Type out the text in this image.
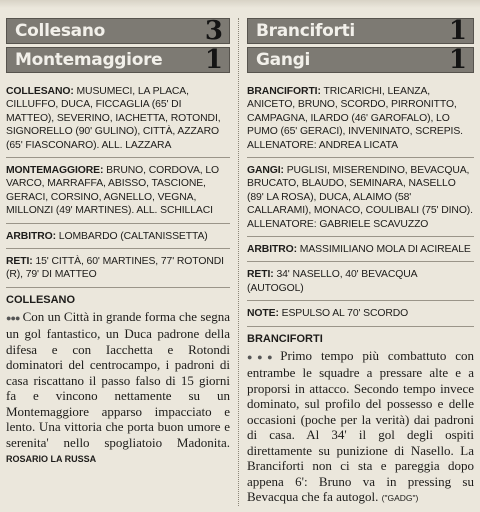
Collesano	3
Montemaggiore 1
COLLESANO: MUSUMECI, LA PLACA, CILLUFFO, DUCA, FICCAGLIA (65' DI MATTEO), SEVERINO, IACHETTA, ROTONDI, SIGNORELLO (90' GULINO), CITTÀ, AZZARO (65' FIASCONARO). ALL. LAZZARA
MONTEMAGGIORE: BRUNO, CORDOVA, LO VARCO, MARRAFFA, ABISSO, TASCIONE, GERACI, CORSINO, AGNELLO, VEGNA, MILLONZI (49' MARTINES). ALL. SCHILLACI
ARBITRO: LOMBARDO (CALTANISSETTA)
RETI: 15' CITTÀ, 60' MARTINES, 77' ROTONDI (R), 79' DI MATTEO
COLLESANO
●●● Con un Città in grande forma che segna un gol fantastico, un Duca padrone della difesa e con Iacchetta e Rotondi dominatori del centrocampo, i padroni di casa riscattano il passo falso di 15 giorni fa e vincono nettamente su un Montemaggiore apparso impacciato e lento. Una vittoria che porta buon umore e serenita' nello spogliatoio Madonita. ROSARIO LA RUSSA
Branciforti	1
Gangi	1
BRANCIFORTI: TRICARICHI, LEANZA, ANICETO, BRUNO, SCORDO, PIRRONITTO, CAMPAGNA, ILARDO (46' GAROFALO), LO PUMO (65' GERACI), INVENINATO, SCREPIS. ALLENATORE: ANDREA LICATA
GANGI: PUGLISI, MISERENDINO, BEVACQUA, BRUCATO, BLAUDO, SEMINARA, NASELLO (89' LA ROSA), DUCA, ALAIMO (58' CALLARAMI), MONACO, COULIBALI (75' DINO). ALLENATORE: GABRIELE SCAVUZZO
ARBITRO: MASSIMILIANO MOLA DI ACIREALE
RETI: 34' NASELLO, 40' BEVACQUA (AUTOGOL)
NOTE: ESPULSO AL 70' SCORDO
BRANCIFORTI
●●● Primo tempo più combattuto con entrambe le squadre a pressare alte e a proporsi in attacco. Secondo tempo invece dominato, sul profilo del possesso e delle occasioni (poche per la verità) dai padroni di casa. Al 34' il gol degli ospiti direttamente su punizione di Nasello. La Branciforti non ci sta e pareggia dopo appena 6': Bruno va in pressing su Bevacqua che fa autogol. ("GADG")
